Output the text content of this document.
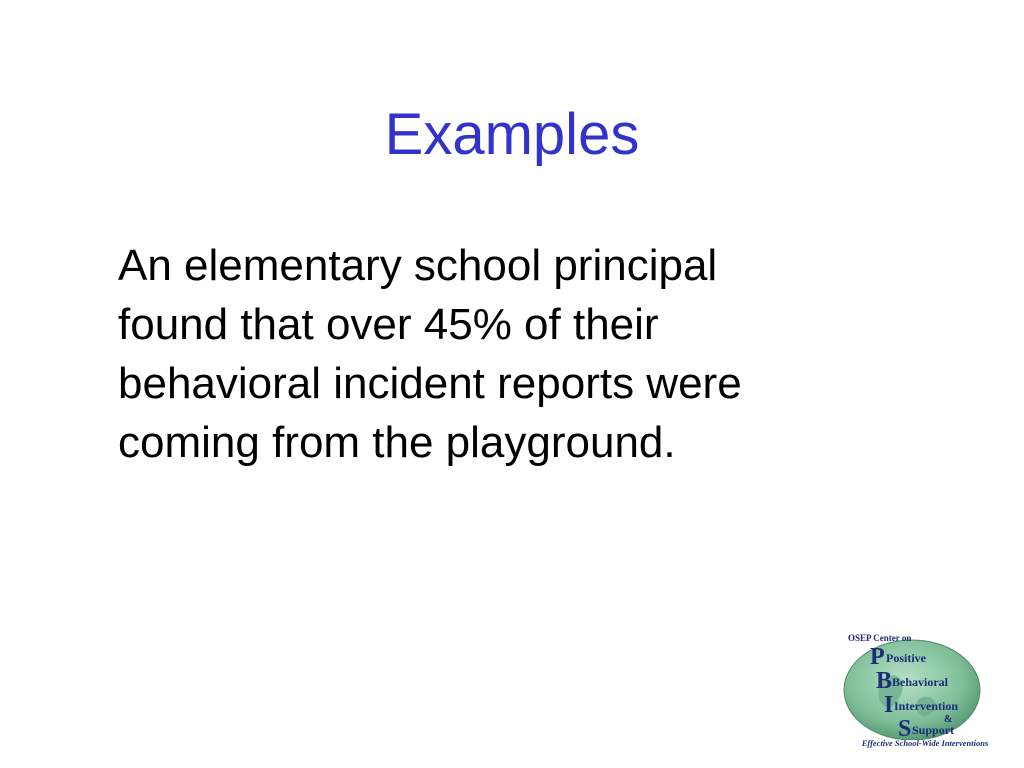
Examples
An elementary school principal
found that over 45% of their
behavioral incident reports were
coming from the playground.
OSEP Center on
P Positive
B Behavioral
I Intervention
&
S Support
Effective School-Wide Interventions
